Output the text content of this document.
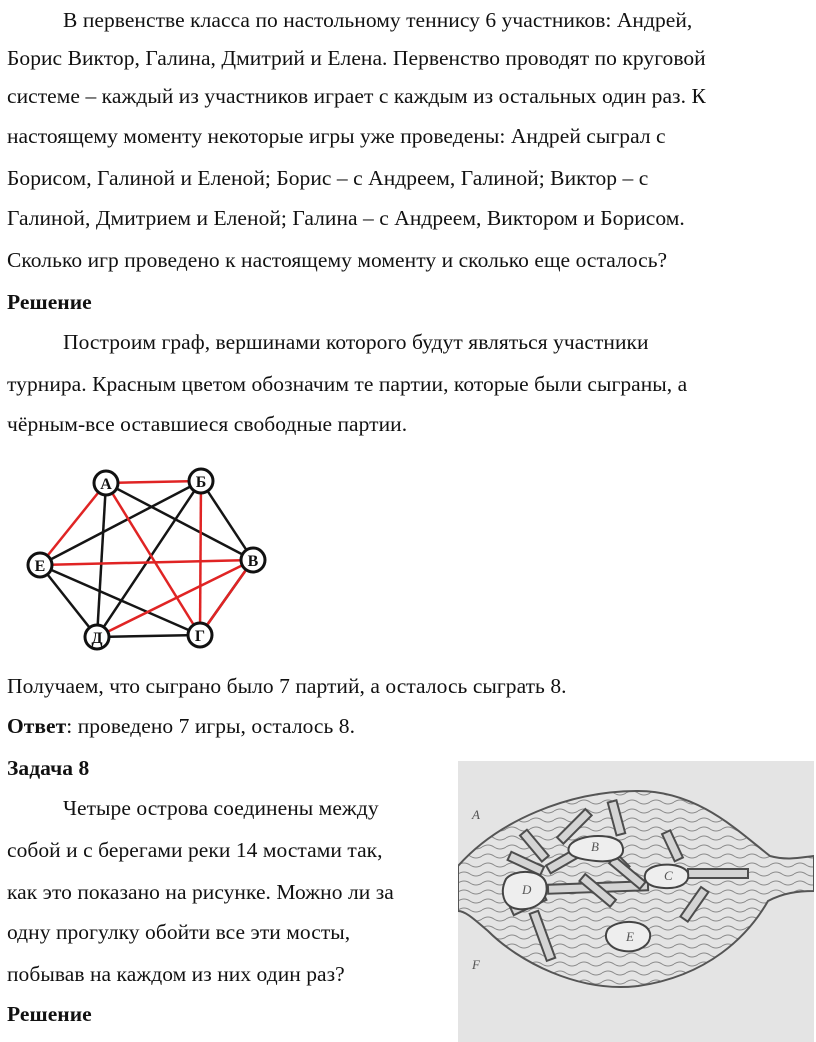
В первенстве класса по настольному теннису 6 участников: Андрей,
Борис Виктор, Галина, Дмитрий и Елена. Первенство проводят по круговой
системе – каждый из участников играет с каждым из остальных один раз. К
настоящему моменту некоторые игры уже проведены: Андрей сыграл с
Борисом, Галиной и Еленой; Борис – с Андреем, Галиной; Виктор – с
Галиной, Дмитрием и Еленой; Галина – с Андреем, Виктором и Борисом.
Сколько игр проведено к настоящему моменту и сколько еще осталось?
Решение
Построим граф, вершинами которого будут являться участники
турнира. Красным цветом обозначим те партии, которые были сыграны, а
чёрным-все оставшиеся свободные партии.
А	Б
В
Г
Д
Е
Получаем, что сыграно было 7 партий, а осталось сыграть 8.
Ответ: проведено 7 игры, осталось 8.
Задача 8
Четыре острова соединены между
собой и с берегами реки 14 мостами так,
как это показано на рисунке. Можно ли за
одну прогулку обойти все эти мосты,
побывав на каждом из них один раз?
Решение
A
F
B
C
D
E
